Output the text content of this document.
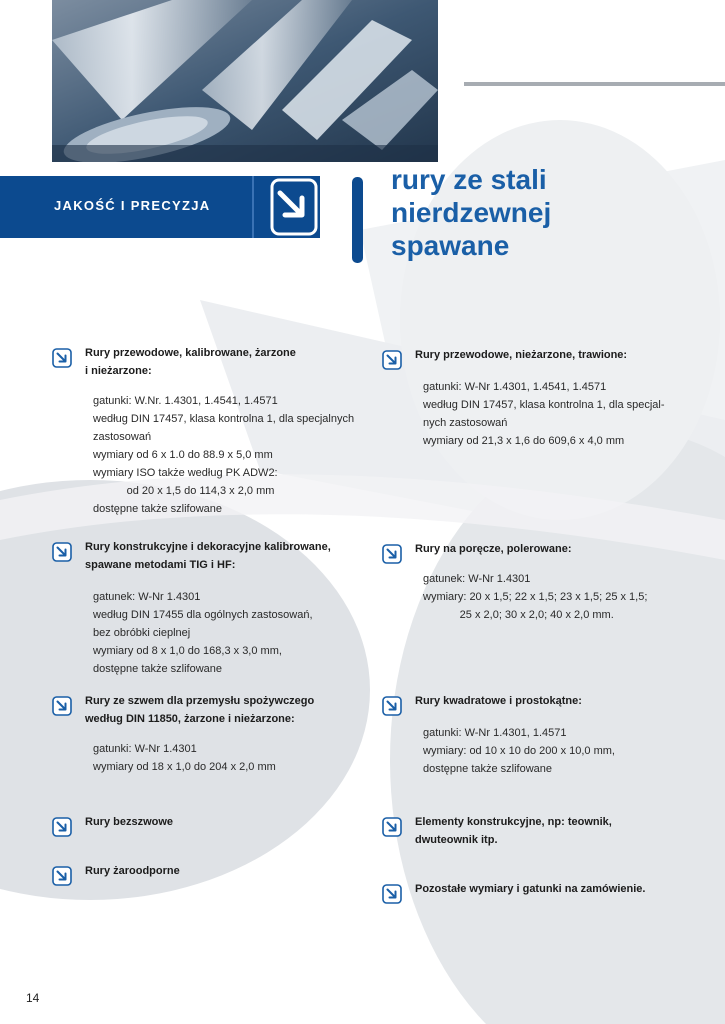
JAKOŚĆ I PRECYZJA
rury ze stali
nierdzewnej
spawane
Rury przewodowe, kalibrowane, żarzone
i nieżarzone:
gatunki: W.Nr. 1.4301, 1.4541, 1.4571
według DIN 17457, klasa kontrolna 1, dla specjalnych
zastosowań
wymiary od 6 x 1.0 do 88.9 x 5,0 mm
wymiary ISO także według PK ADW2:
od 20 x 1,5 do 114,3 x 2,0 mm
dostępne także szlifowane
Rury przewodowe, nieżarzone, trawione:
gatunki: W-Nr 1.4301, 1.4541, 1.4571
według DIN 17457, klasa kontrolna 1, dla specjal-
nych zastosowań
wymiary od 21,3 x 1,6 do 609,6 x 4,0 mm
Rury konstrukcyjne i dekoracyjne kalibrowane,
spawane metodami TIG i HF:
gatunek: W-Nr 1.4301
według DIN 17455 dla ogólnych zastosowań,
bez obróbki cieplnej
wymiary od 8 x 1,0 do 168,3 x 3,0 mm,
dostępne także szlifowane
Rury na poręcze, polerowane:
gatunek: W-Nr 1.4301
wymiary: 20 x 1,5; 22 x 1,5; 23 x 1,5; 25 x 1,5;
25 x 2,0; 30 x 2,0; 40 x 2,0 mm.
Rury ze szwem dla przemysłu spożywczego
według DIN 11850, żarzone i nieżarzone:
gatunki: W-Nr 1.4301
wymiary od 18 x 1,0 do 204 x 2,0 mm
Rury kwadratowe i prostokątne:
gatunki: W-Nr 1.4301, 1.4571
wymiary: od 10 x 10 do 200 x 10,0 mm,
dostępne także szlifowane
Rury bezszwowe	Elementy konstrukcyjne, np: teownik,
dwuteownik itp.
Rury żaroodporne
Pozostałe wymiary i gatunki na zamówienie.
14
